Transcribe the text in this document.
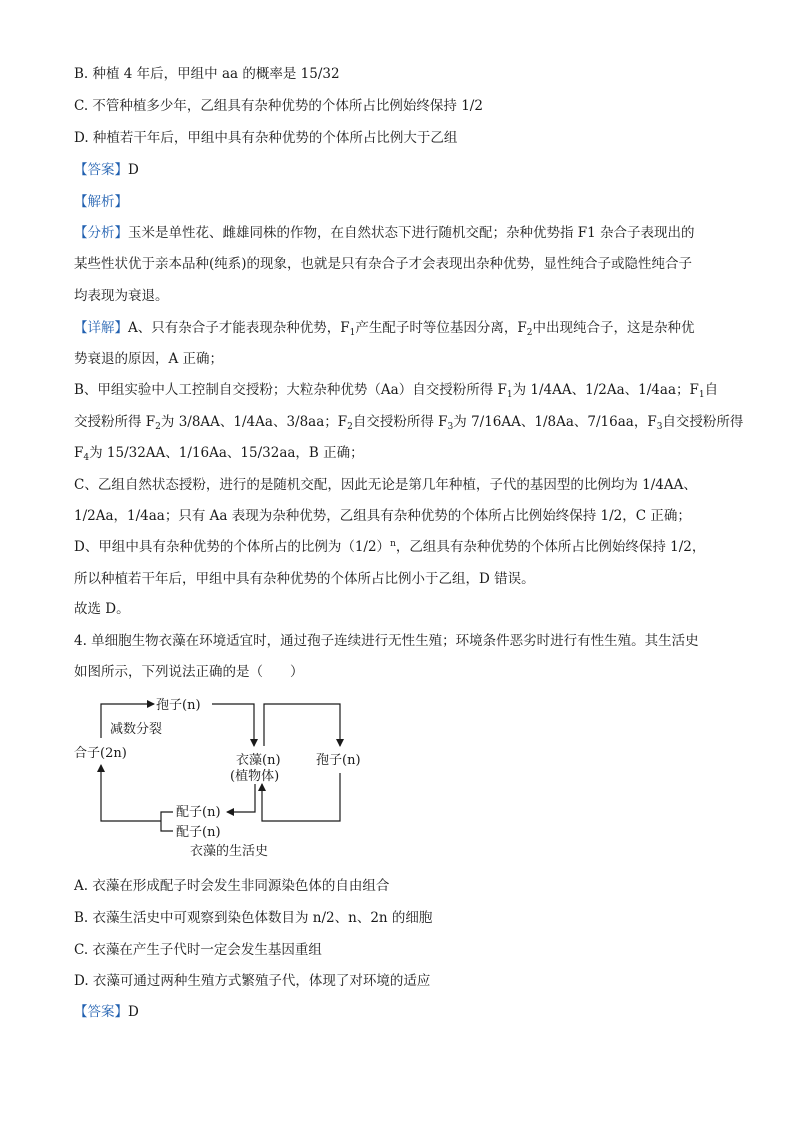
B. 种植 4 年后，甲组中 aa 的概率是 15/32
C. 不管种植多少年，乙组具有杂种优势的个体所占比例始终保持 1/2
D. 种植若干年后，甲组中具有杂种优势的个体所占比例大于乙组
【答案】D
【解析】
【分析】玉米是单性花、雌雄同株的作物，在自然状态下进行随机交配；杂种优势指 F1 杂合子表现出的
某些性状优于亲本品种(纯系)的现象，也就是只有杂合子才会表现出杂种优势，显性纯合子或隐性纯合子
均表现为衰退。
【详解】A、只有杂合子才能表现杂种优势，$F_1$产生配子时等位基因分离，$F_2$中出现纯合子，这是杂种优
势衰退的原因，A 正确；
B、甲组实验中人工控制自交授粉；大粒杂种优势（Aa）自交授粉所得 $F_1$为 1/4AA、1/2Aa、1/4aa；$F_1$自
交授粉所得 $F_2$为 3/8AA、1/4Aa、3/8aa；$F_2$自交授粉所得 $F_3$为 7/16AA、1/8Aa、7/16aa，$F_3$自交授粉所得
$F_4$为 15/32AA、1/16Aa、15/32aa，B 正确；
C、乙组自然状态授粉，进行的是随机交配，因此无论是第几年种植，子代的基因型的比例均为 1/4AA、
1/2Aa，1/4aa；只有 Aa 表现为杂种优势，乙组具有杂种优势的个体所占比例始终保持 1/2，C 正确；
D、甲组中具有杂种优势的个体所占的比例为$(1/2)^n$，乙组具有杂种优势的个体所占比例始终保持 1/2，
所以种植若干年后，甲组中具有杂种优势的个体所占比例小于乙组，D 错误。
故选 D。
4. 单细胞生物衣藻在环境适宜时，通过孢子连续进行无性生殖；环境条件恶劣时进行有性生殖。其生活史
如图所示，下列说法正确的是（　　）
孢子(n)
减数分裂
合子(2n)	衣藻(n)
(植物体)
孢子(n)
配子(n)
配子(n)
衣藻的生活史
A. 衣藻在形成配子时会发生非同源染色体的自由组合
B. 衣藻生活史中可观察到染色体数目为 n/2、n、2n 的细胞
C. 衣藻在产生子代时一定会发生基因重组
D. 衣藻可通过两种生殖方式繁殖子代，体现了对环境的适应
【答案】D
